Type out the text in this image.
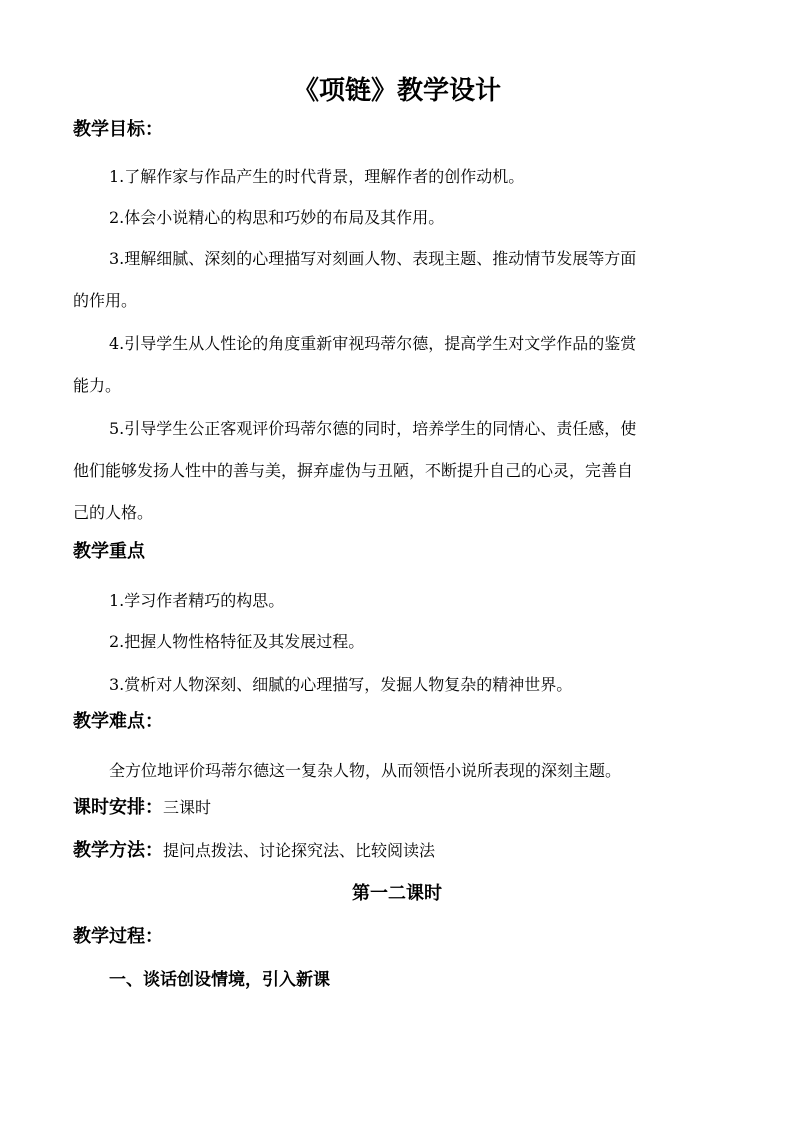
《项链》教学设计
教学目标：
1.了解作家与作品产生的时代背景，理解作者的创作动机。
2.体会小说精心的构思和巧妙的布局及其作用。
3.理解细腻、深刻的心理描写对刻画人物、表现主题、推动情节发展等方面
的作用。
4.引导学生从人性论的角度重新审视玛蒂尔德，提高学生对文学作品的鉴赏
能力。
5.引导学生公正客观评价玛蒂尔德的同时，培养学生的同情心、责任感，使
他们能够发扬人性中的善与美，摒弃虚伪与丑陋，不断提升自己的心灵，完善自
己的人格。
教学重点
1.学习作者精巧的构思。
2.把握人物性格特征及其发展过程。
3.赏析对人物深刻、细腻的心理描写，发掘人物复杂的精神世界。
教学难点：
全方位地评价玛蒂尔德这一复杂人物，从而领悟小说所表现的深刻主题。
课时安排：三课时
教学方法：提问点拨法、讨论探究法、比较阅读法
第一二课时
教学过程：
一、谈话创设情境，引入新课
